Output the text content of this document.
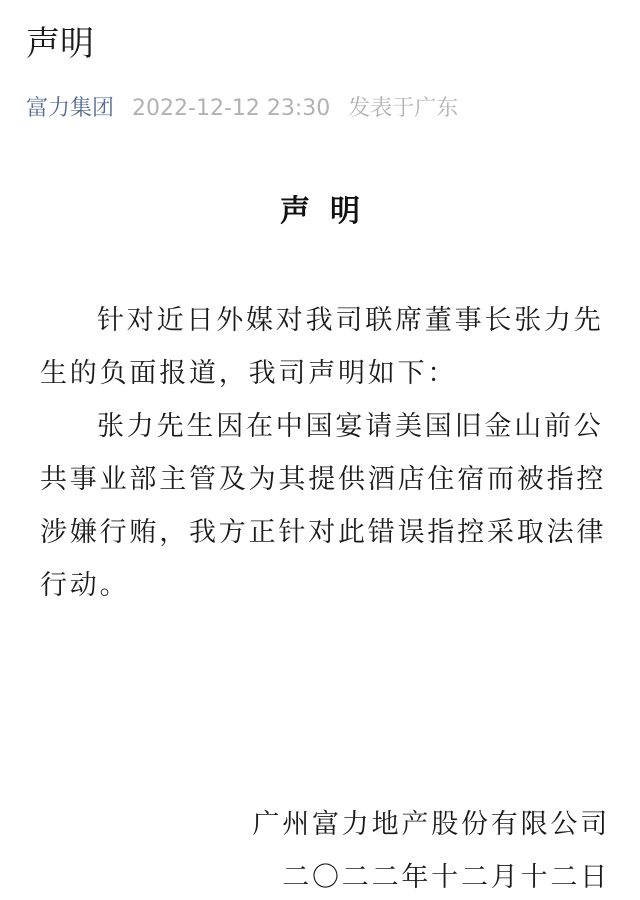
声明
富力集团 2022-12-12 23:30 发表于广东
声明

针对近日外媒对我司联席董事长张力先生的负面报道，我司声明如下：

张力先生因在中国宴请美国旧金山前公共事业部主管及为其提供酒店住宿而被指控涉嫌行贿，我方正针对此错误指控采取法律行动。

广州富力地产股份有限公司
二〇二二年十二月十二日
